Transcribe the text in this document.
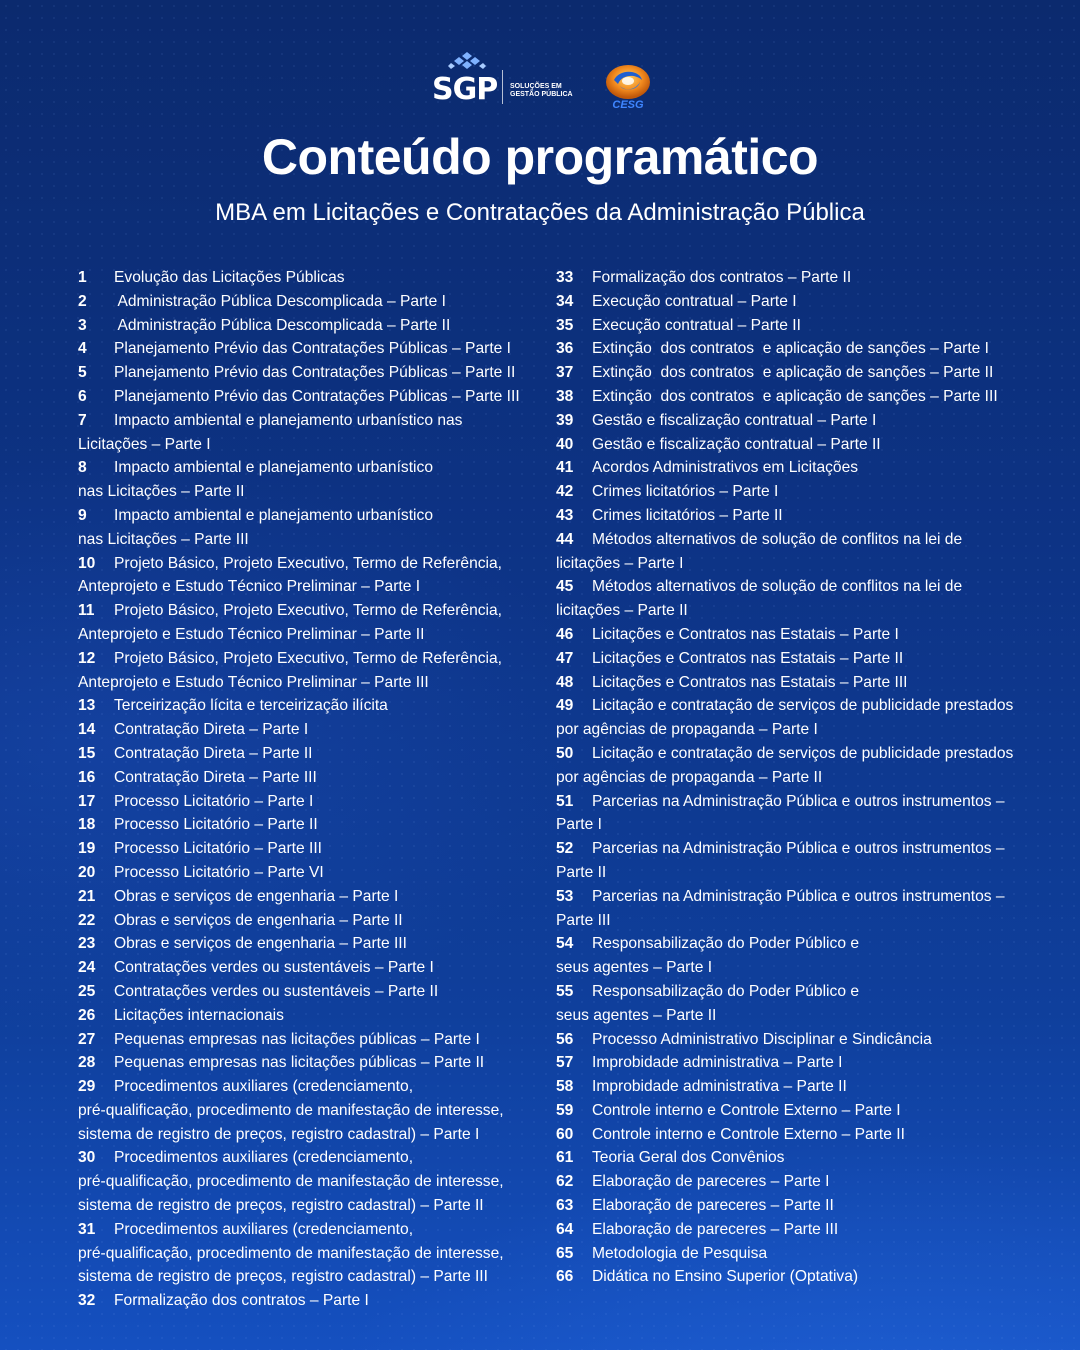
SGP SOLUÇÕES EM
GESTÃO PÚBLICA
CESG
Conteúdo programático
MBA em Licitações e Contratações da Administração Pública
1 Evolução das Licitações Públicas
2 Administração Pública Descomplicada – Parte I
3 Administração Pública Descomplicada – Parte II
4 Planejamento Prévio das Contratações Públicas – Parte I
5 Planejamento Prévio das Contratações Públicas – Parte II
6 Planejamento Prévio das Contratações Públicas – Parte III
7 Impacto ambiental e planejamento urbanístico nas
Licitações – Parte I
8 Impacto ambiental e planejamento urbanístico
nas Licitações – Parte II
9 Impacto ambiental e planejamento urbanístico
nas Licitações – Parte III
10 Projeto Básico, Projeto Executivo, Termo de Referência,
Anteprojeto e Estudo Técnico Preliminar – Parte I
11 Projeto Básico, Projeto Executivo, Termo de Referência,
Anteprojeto e Estudo Técnico Preliminar – Parte II
12 Projeto Básico, Projeto Executivo, Termo de Referência,
Anteprojeto e Estudo Técnico Preliminar – Parte III
13 Terceirização lícita e terceirização ilícita
14 Contratação Direta – Parte I
15 Contratação Direta – Parte II
16 Contratação Direta – Parte III
17 Processo Licitatório – Parte I
18 Processo Licitatório – Parte II
19 Processo Licitatório – Parte III
20 Processo Licitatório – Parte VI
21 Obras e serviços de engenharia – Parte I
22 Obras e serviços de engenharia – Parte II
23 Obras e serviços de engenharia – Parte III
24 Contratações verdes ou sustentáveis – Parte I
25 Contratações verdes ou sustentáveis – Parte II
26 Licitações internacionais
27 Pequenas empresas nas licitações públicas – Parte I
28 Pequenas empresas nas licitações públicas – Parte II
29 Procedimentos auxiliares (credenciamento,
pré-qualificação, procedimento de manifestação de interesse,
sistema de registro de preços, registro cadastral) – Parte I
30 Procedimentos auxiliares (credenciamento,
pré-qualificação, procedimento de manifestação de interesse,
sistema de registro de preços, registro cadastral) – Parte II
31 Procedimentos auxiliares (credenciamento,
pré-qualificação, procedimento de manifestação de interesse,
sistema de registro de preços, registro cadastral) – Parte III
32 Formalização dos contratos – Parte I
33 Formalização dos contratos – Parte II
34 Execução contratual – Parte I
35 Execução contratual – Parte II
36 Extinção  dos contratos  e aplicação de sanções – Parte I
37 Extinção  dos contratos  e aplicação de sanções – Parte II
38 Extinção  dos contratos  e aplicação de sanções – Parte III
39 Gestão e fiscalização contratual – Parte I
40 Gestão e fiscalização contratual – Parte II
41 Acordos Administrativos em Licitações
42 Crimes licitatórios – Parte I
43 Crimes licitatórios – Parte II
44 Métodos alternativos de solução de conflitos na lei de
licitações – Parte I
45 Métodos alternativos de solução de conflitos na lei de
licitações – Parte II
46 Licitações e Contratos nas Estatais – Parte I
47 Licitações e Contratos nas Estatais – Parte II
48 Licitações e Contratos nas Estatais – Parte III
49 Licitação e contratação de serviços de publicidade prestados
por agências de propaganda – Parte I
50 Licitação e contratação de serviços de publicidade prestados
por agências de propaganda – Parte II
51 Parcerias na Administração Pública e outros instrumentos –
Parte I
52 Parcerias na Administração Pública e outros instrumentos –
Parte II
53 Parcerias na Administração Pública e outros instrumentos –
Parte III
54 Responsabilização do Poder Público e
seus agentes – Parte I
55 Responsabilização do Poder Público e
seus agentes – Parte II
56 Processo Administrativo Disciplinar e Sindicância
57 Improbidade administrativa – Parte I
58 Improbidade administrativa – Parte II
59 Controle interno e Controle Externo – Parte I
60 Controle interno e Controle Externo – Parte II
61 Teoria Geral dos Convênios
62 Elaboração de pareceres – Parte I
63 Elaboração de pareceres – Parte II
64 Elaboração de pareceres – Parte III
65 Metodologia de Pesquisa
66 Didática no Ensino Superior (Optativa)
